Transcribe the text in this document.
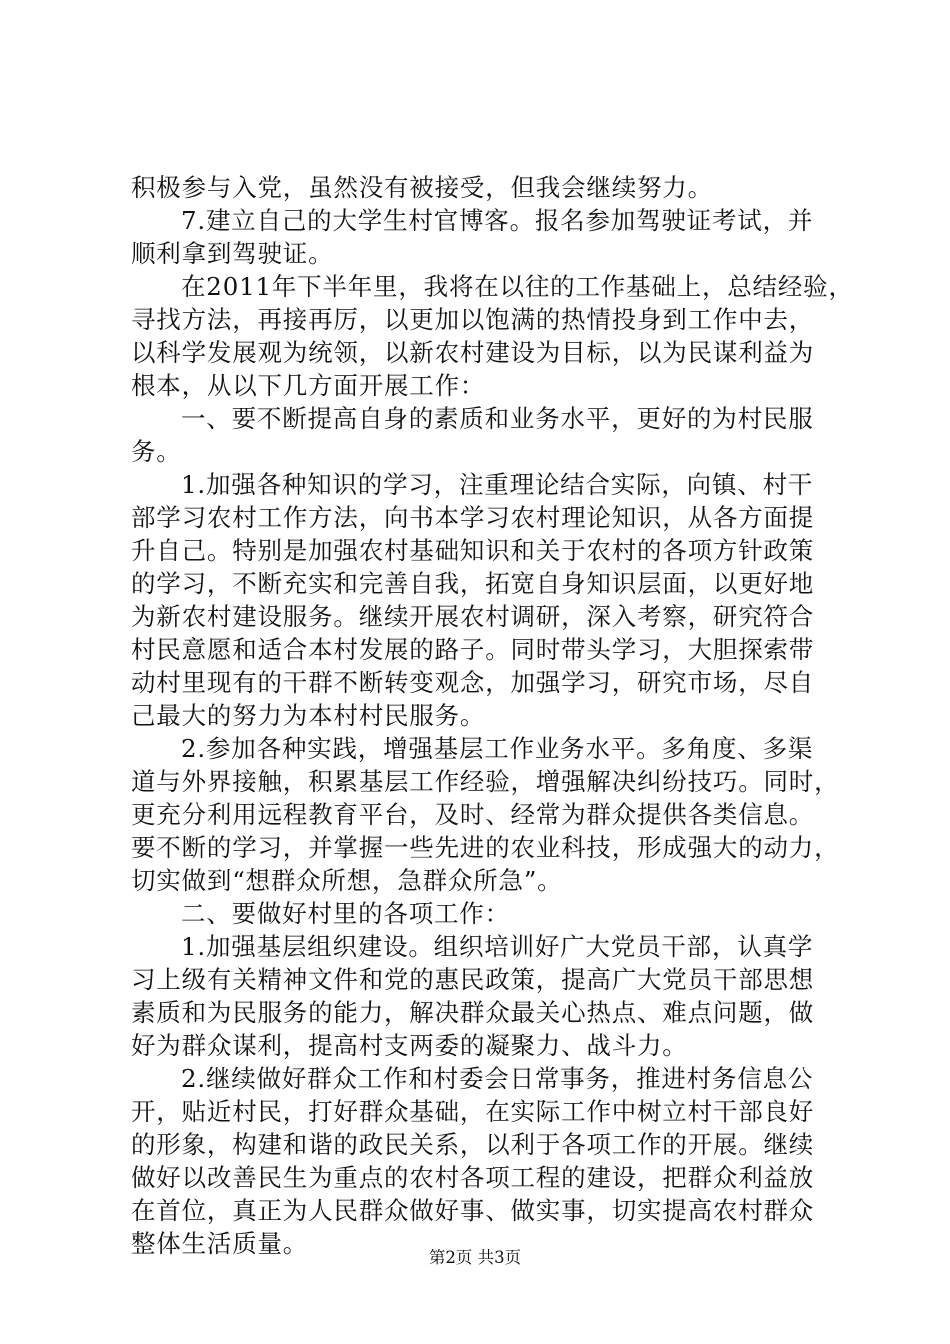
积极参与入党，虽然没有被接受，但我会继续努力。
7.建立自己的大学生村官博客。报名参加驾驶证考试，并
顺利拿到驾驶证。
在2011年下半年里，我将在以往的工作基础上，总结经验，
寻找方法，再接再厉，以更加以饱满的热情投身到工作中去，
以科学发展观为统领，以新农村建设为目标，以为民谋利益为
根本，从以下几方面开展工作：
一、要不断提高自身的素质和业务水平，更好的为村民服
务。
1.加强各种知识的学习，注重理论结合实际，向镇、村干
部学习农村工作方法，向书本学习农村理论知识，从各方面提
升自己。特别是加强农村基础知识和关于农村的各项方针政策
的学习，不断充实和完善自我，拓宽自身知识层面，以更好地
为新农村建设服务。继续开展农村调研，深入考察，研究符合
村民意愿和适合本村发展的路子。同时带头学习，大胆探索带
动村里现有的干群不断转变观念，加强学习，研究市场，尽自
己最大的努力为本村村民服务。
2.参加各种实践，增强基层工作业务水平。多角度、多渠
道与外界接触，积累基层工作经验，增强解决纠纷技巧。同时，
更充分利用远程教育平台，及时、经常为群众提供各类信息。
要不断的学习，并掌握一些先进的农业科技，形成强大的动力，
切实做到“想群众所想，急群众所急”。
二、要做好村里的各项工作：
1.加强基层组织建设。组织培训好广大党员干部，认真学
习上级有关精神文件和党的惠民政策，提高广大党员干部思想
素质和为民服务的能力，解决群众最关心热点、难点问题，做
好为群众谋利，提高村支两委的凝聚力、战斗力。
2.继续做好群众工作和村委会日常事务，推进村务信息公
开，贴近村民，打好群众基础，在实际工作中树立村干部良好
的形象，构建和谐的政民关系，以利于各项工作的开展。继续
做好以改善民生为重点的农村各项工程的建设，把群众利益放
在首位，真正为人民群众做好事、做实事，切实提高农村群众
整体生活质量。	第2页 共3页
